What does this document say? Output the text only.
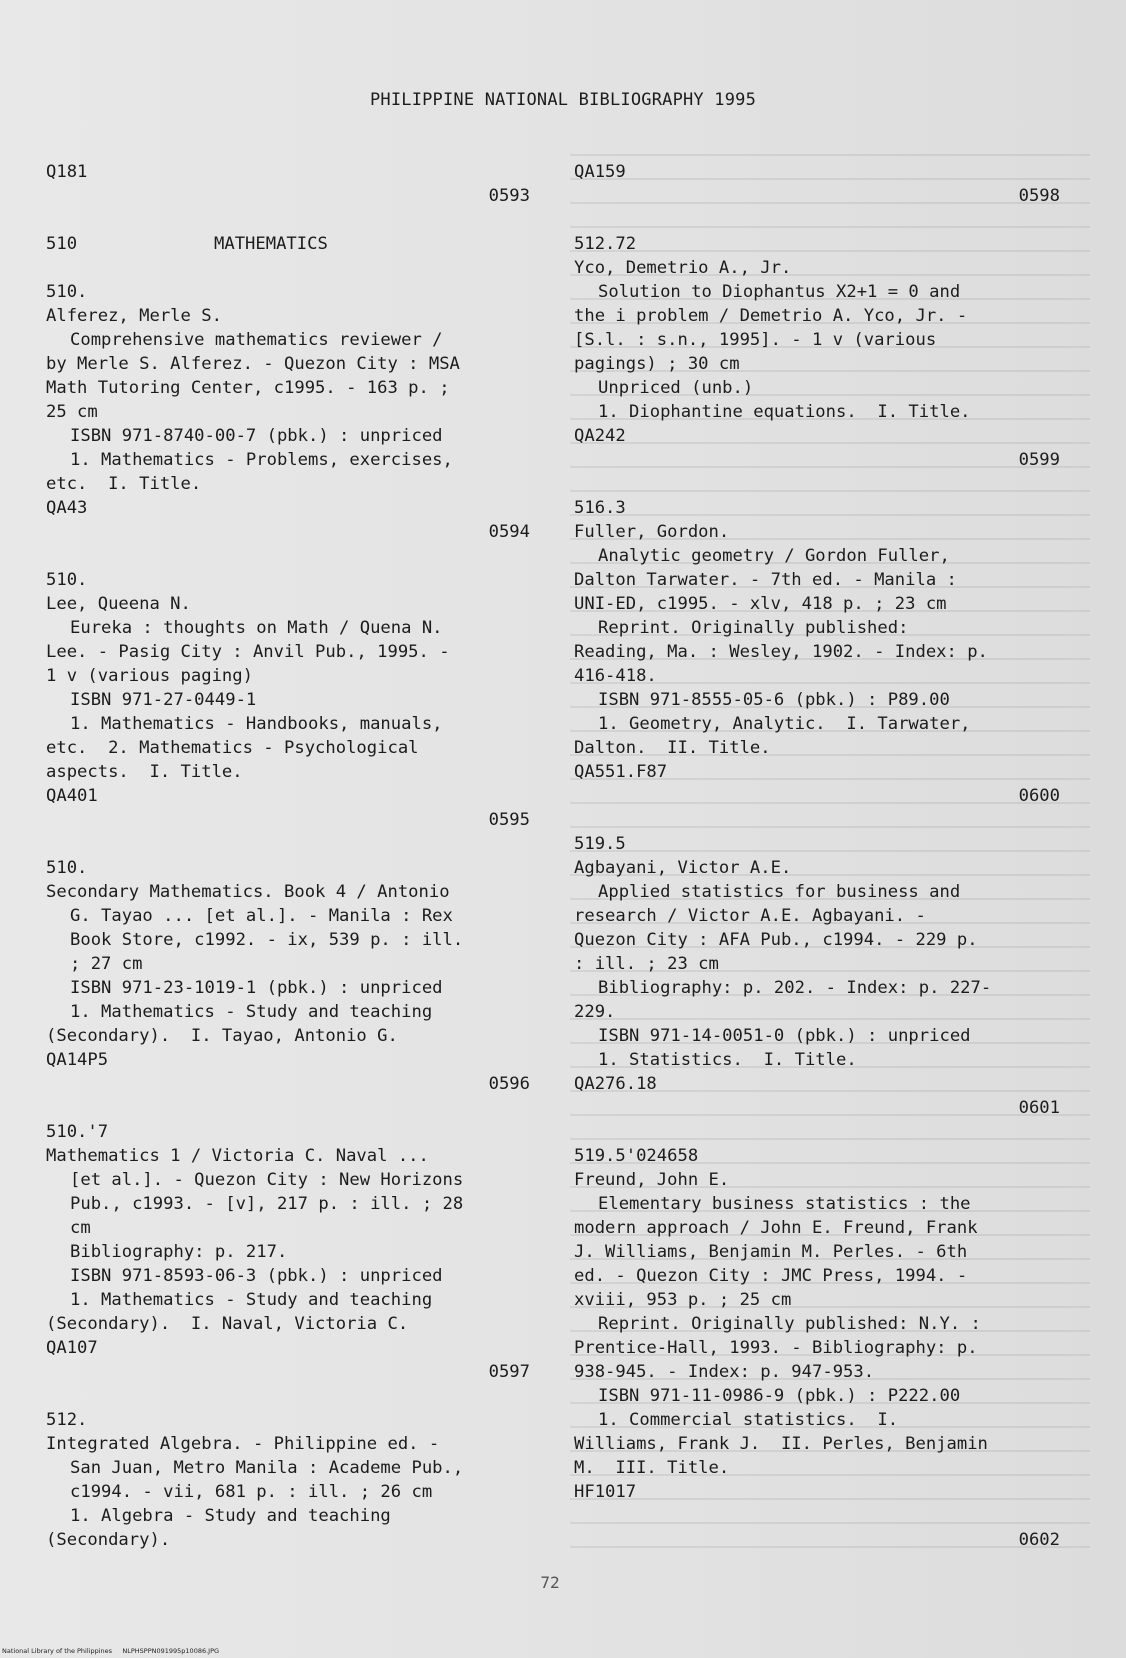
PHILIPPINE NATIONAL BIBLIOGRAPHY 1995
Q181
0593
510	MATHEMATICS
510.
Alferez, Merle S.
Comprehensive mathematics reviewer /
by Merle S. Alferez. - Quezon City : MSA
Math Tutoring Center, c1995. - 163 p. ;
25 cm
ISBN 971-8740-00-7 (pbk.) : unpriced
1. Mathematics - Problems, exercises,
etc.  I. Title.
QA43
0594
510.
Lee, Queena N.
Eureka : thoughts on Math / Quena N.
Lee. - Pasig City : Anvil Pub., 1995. -
1 v (various paging)
ISBN 971-27-0449-1
1. Mathematics - Handbooks, manuals,
etc.  2. Mathematics - Psychological
aspects.  I. Title.
QA401
0595
510.
Secondary Mathematics. Book 4 / Antonio
G. Tayao ... [et al.]. - Manila : Rex
Book Store, c1992. - ix, 539 p. : ill.
; 27 cm
ISBN 971-23-1019-1 (pbk.) : unpriced
1. Mathematics - Study and teaching
(Secondary).  I. Tayao, Antonio G.
QA14P5
0596
510.'7
Mathematics 1 / Victoria C. Naval ...
[et al.]. - Quezon City : New Horizons
Pub., c1993. - [v], 217 p. : ill. ; 28
cm
Bibliography: p. 217.
ISBN 971-8593-06-3 (pbk.) : unpriced
1. Mathematics - Study and teaching
(Secondary).  I. Naval, Victoria C.
QA107
0597
512.
Integrated Algebra. - Philippine ed. -
San Juan, Metro Manila : Academe Pub.,
c1994. - vii, 681 p. : ill. ; 26 cm
1. Algebra - Study and teaching
(Secondary).
QA159
0598
512.72
Yco, Demetrio A., Jr.
Solution to Diophantus X2+1 = 0 and
the i problem / Demetrio A. Yco, Jr. -
[S.l. : s.n., 1995]. - 1 v (various
pagings) ; 30 cm
Unpriced (unb.)
1. Diophantine equations.  I. Title.
QA242
0599
516.3
Fuller, Gordon.
Analytic geometry / Gordon Fuller,
Dalton Tarwater. - 7th ed. - Manila :
UNI-ED, c1995. - xlv, 418 p. ; 23 cm
Reprint. Originally published:
Reading, Ma. : Wesley, 1902. - Index: p.
416-418.
ISBN 971-8555-05-6 (pbk.) : P89.00
1. Geometry, Analytic.  I. Tarwater,
Dalton.  II. Title.
QA551.F87
0600
519.5
Agbayani, Victor A.E.
Applied statistics for business and
research / Victor A.E. Agbayani. -
Quezon City : AFA Pub., c1994. - 229 p.
: ill. ; 23 cm
Bibliography: p. 202. - Index: p. 227-
229.
ISBN 971-14-0051-0 (pbk.) : unpriced
1. Statistics.  I. Title.
QA276.18
0601
519.5'024658
Freund, John E.
Elementary business statistics : the
modern approach / John E. Freund, Frank
J. Williams, Benjamin M. Perles. - 6th
ed. - Quezon City : JMC Press, 1994. -
xviii, 953 p. ; 25 cm
Reprint. Originally published: N.Y. :
Prentice-Hall, 1993. - Bibliography: p.
938-945. - Index: p. 947-953.
ISBN 971-11-0986-9 (pbk.) : P222.00
1. Commercial statistics.  I.
Williams, Frank J.  II. Perles, Benjamin
M.  III. Title.
HF1017
0602
72
National Library of the Philippines     NLPHSPPN091995p10086.JPG
